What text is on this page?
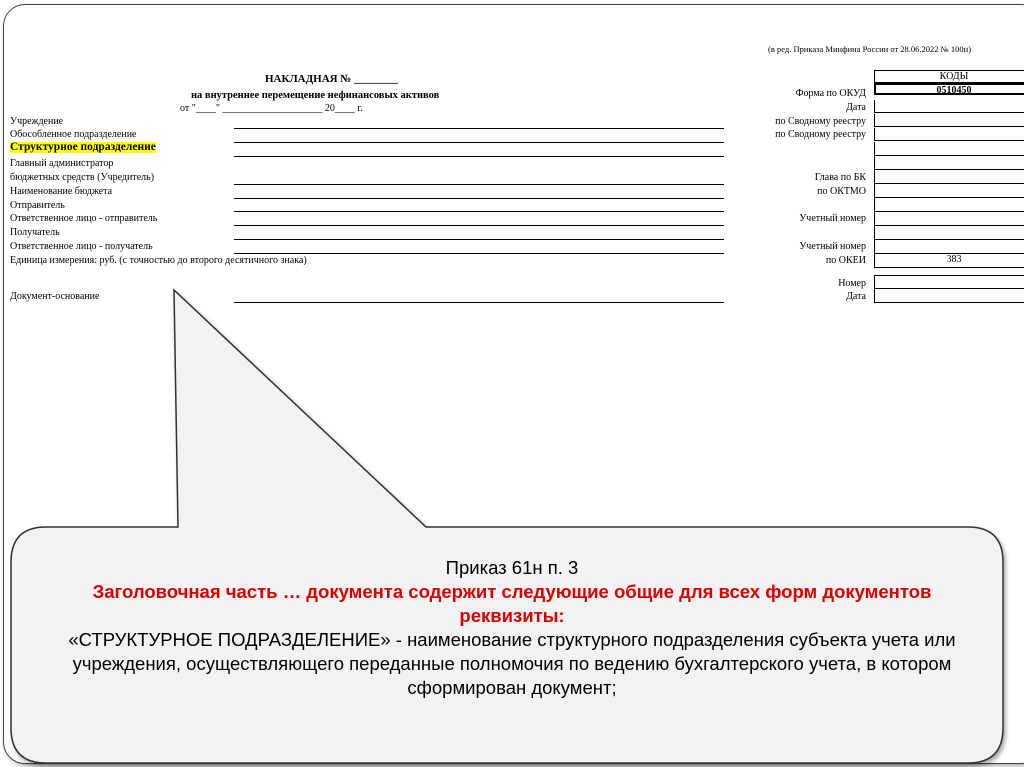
(в ред. Приказа Минфина России от 28.06.2022 № 100н)
НАКЛАДНАЯ № ________
на внутреннее перемещение нефинансовых активов
от "____" ____________________ 20____ г.
Учреждение
Обособленное подразделение
Структурное подразделение
Главный администратор
бюджетных средств (Учредитель)
Наименование бюджета
Отправитель
Ответственное лицо - отправитель
Получатель
Ответственное лицо - получатель
Единица измерения: руб. (с точностью до второго десятичного знака)
Документ-основание
Форма по ОКУД
Дата
по Сводному реестру
по Сводному реестру
Глава по БК
по ОКТМО
Учетный номер
Учетный номер
по ОКЕИ
Номер
Дата
КОДЫ
0510450
383
Приказ 61н п. 3
Заголовочная часть … документа содержит следующие общие для всех форм документов реквизиты:
«СТРУКТУРНОЕ ПОДРАЗДЕЛЕНИЕ» - наименование структурного подразделения субъекта учета или учреждения, осуществляющего переданные полномочия по ведению бухгалтерского учета, в котором сформирован документ;
